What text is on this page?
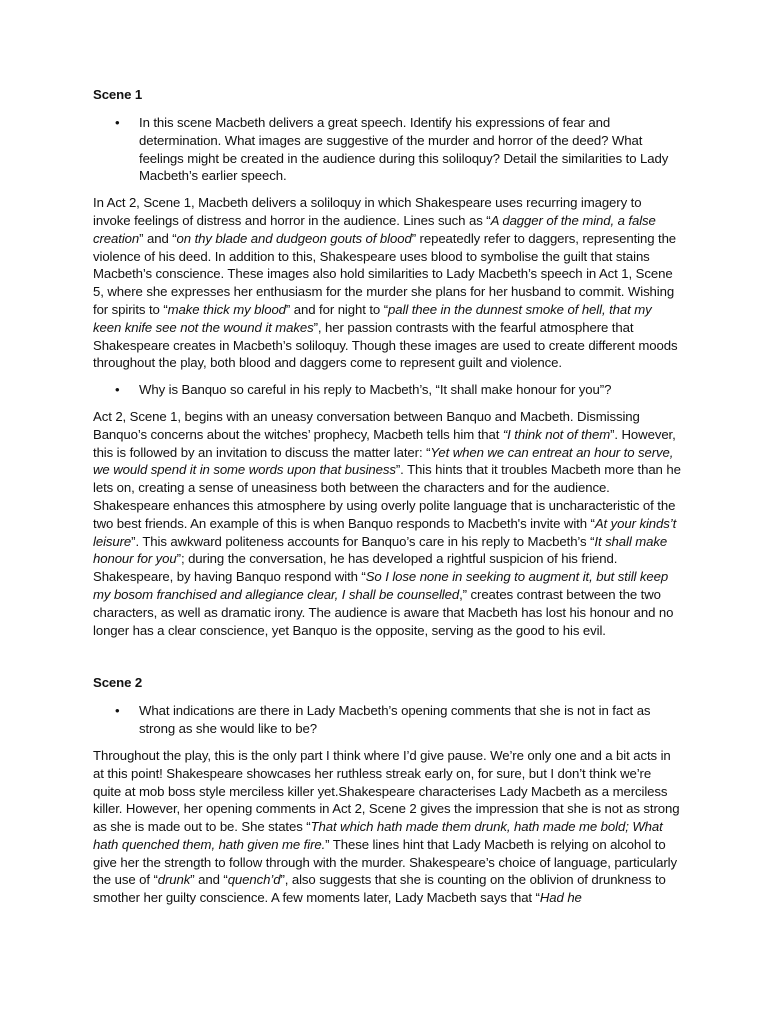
Scene 1

• In this scene Macbeth delivers a great speech. Identify his expressions of fear and determination. What images are suggestive of the murder and horror of the deed? What feelings might be created in the audience during this soliloquy? Detail the similarities to Lady Macbeth’s earlier speech.

In Act 2, Scene 1, Macbeth delivers a soliloquy in which Shakespeare uses recurring imagery to invoke feelings of distress and horror in the audience. Lines such as “A dagger of the mind, a false creation” and “on thy blade and dudgeon gouts of blood” repeatedly refer to daggers, representing the violence of his deed. In addition to this, Shakespeare uses blood to symbolise the guilt that stains Macbeth’s conscience. These images also hold similarities to Lady Macbeth’s speech in Act 1, Scene 5, where she expresses her enthusiasm for the murder she plans for her husband to commit. Wishing for spirits to “make thick my blood” and for night to “pall thee in the dunnest smoke of hell, that my keen knife see not the wound it makes”, her passion contrasts with the fearful atmosphere that Shakespeare creates in Macbeth’s soliloquy. Though these images are used to create different moods throughout the play, both blood and daggers come to represent guilt and violence.

• Why is Banquo so careful in his reply to Macbeth’s, “It shall make honour for you”?

Act 2, Scene 1, begins with an uneasy conversation between Banquo and Macbeth. Dismissing Banquo’s concerns about the witches’ prophecy, Macbeth tells him that “I think not of them”. However, this is followed by an invitation to discuss the matter later: “Yet when we can entreat an hour to serve, we would spend it in some words upon that business”. This hints that it troubles Macbeth more than he lets on, creating a sense of uneasiness both between the characters and for the audience. Shakespeare enhances this atmosphere by using overly polite language that is uncharacteristic of the two best friends. An example of this is when Banquo responds to Macbeth's invite with “At your kinds’t leisure”. This awkward politeness accounts for Banquo’s care in his reply to Macbeth’s “It shall make honour for you”; during the conversation, he has developed a rightful suspicion of his friend. Shakespeare, by having Banquo respond with “So I lose none in seeking to augment it, but still keep my bosom franchised and allegiance clear, I shall be counselled,” creates contrast between the two characters, as well as dramatic irony. The audience is aware that Macbeth has lost his honour and no longer has a clear conscience, yet Banquo is the opposite, serving as the good to his evil.

Scene 2

• What indications are there in Lady Macbeth’s opening comments that she is not in fact as strong as she would like to be?

Throughout the play, this is the only part I think where I’d give pause. We’re only one and a bit acts in at this point! Shakespeare showcases her ruthless streak early on, for sure, but I don’t think we’re quite at mob boss style merciless killer yet.Shakespeare characterises Lady Macbeth as a merciless killer. However, her opening comments in Act 2, Scene 2 gives the impression that she is not as strong as she is made out to be. She states “That which hath made them drunk, hath made me bold; What hath quenched them, hath given me fire.” These lines hint that Lady Macbeth is relying on alcohol to give her the strength to follow through with the murder. Shakespeare’s choice of language, particularly the use of “drunk” and “quench’d”, also suggests that she is counting on the oblivion of drunkness to smother her guilty conscience. A few moments later, Lady Macbeth says that “Had he
